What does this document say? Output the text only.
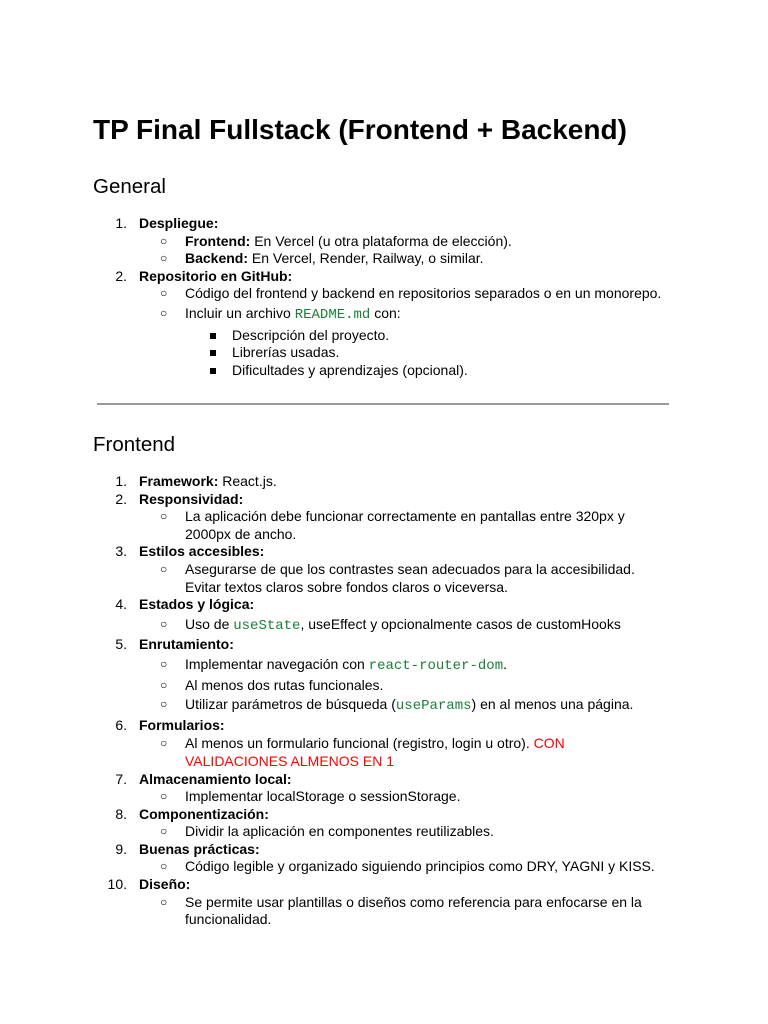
TP Final Fullstack (Frontend + Backend)
General
1. Despliegue:
○ Frontend: En Vercel (u otra plataforma de elección).
○ Backend: En Vercel, Render, Railway, o similar.
2. Repositorio en GitHub:
○ Código del frontend y backend en repositorios separados o en un monorepo.
○ Incluir un archivo README.md con:
Descripción del proyecto.
Librerías usadas.
Dificultades y aprendizajes (opcional).
Frontend
1. Framework: React.js.
2. Responsividad:
○ La aplicación debe funcionar correctamente en pantallas entre 320px y
2000px de ancho.
3. Estilos accesibles:
○ Asegurarse de que los contrastes sean adecuados para la accesibilidad.
Evitar textos claros sobre fondos claros o viceversa.
4. Estados y lógica:
○ Uso de useState, useEffect y opcionalmente casos de customHooks
5. Enrutamiento:
○ Implementar navegación con react-router-dom.
○ Al menos dos rutas funcionales.
○ Utilizar parámetros de búsqueda (useParams) en al menos una página.
6. Formularios:
○ Al menos un formulario funcional (registro, login u otro). CON
VALIDACIONES ALMENOS EN 1
7. Almacenamiento local:
○ Implementar localStorage o sessionStorage.
8. Componentización:
○ Dividir la aplicación en componentes reutilizables.
9. Buenas prácticas:
○ Código legible y organizado siguiendo principios como DRY, YAGNI y KISS.
10. Diseño:
○ Se permite usar plantillas o diseños como referencia para enfocarse en la
funcionalidad.
